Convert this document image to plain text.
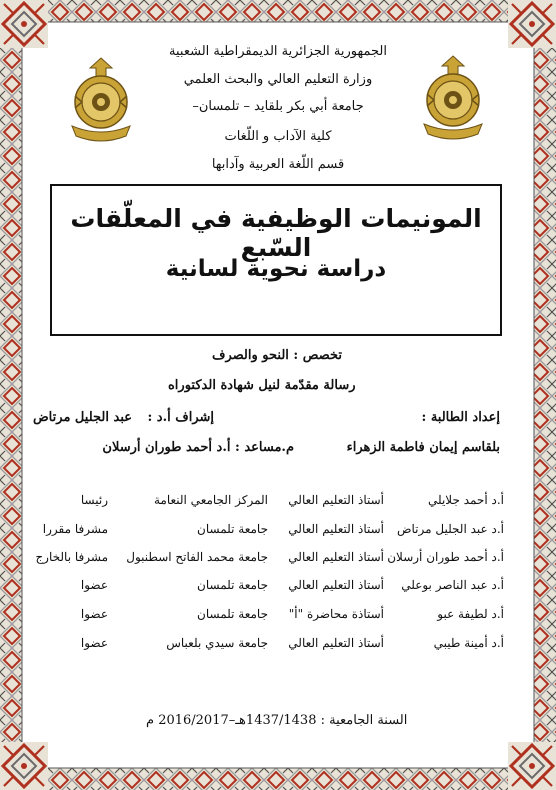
الجمهورية الجزائرية الديمقراطية الشعبية
وزارة التعليم العالي والبحث العلمي
جامعة أبي بكر بلقايد – تلمسان–
كلية الآداب و اللّغات
قسم اللّغة العربية وآدابها
المونيمات الوظيفية في المعلّقات السّبع
دراسة نحوية لسانية
تخصص : النحو والصرف
رسالة مقدّمة لنيل شهادة الدكتوراه
إعداد الطالبة :
إشراف أ.د :
عبد الجليل مرتاض
بلقاسم إيمان فاطمة الزهراء
م.مساعد : أ.د أحمد طوران أرسلان
أ.د أحمد جلايلي
أستاذ التعليم العالي
المركز الجامعي النعامة
رئيسا
أ.د عبد الجليل مرتاض
أستاذ التعليم العالي
جامعة تلمسان
مشرفا مقررا
أ.د أحمد طوران أرسلان
أستاذ التعليم العالي
جامعة محمد الفاتح اسطنبول
مشرفا بالخارج
أ.د عبد الناصر بوعلي
أستاذ التعليم العالي
جامعة تلمسان
عضوا
أ.د لطيفة عبو
أستاذة محاضرة "أ"
جامعة تلمسان
عضوا
أ.د أمينة طيبي
أستاذ التعليم العالي
جامعة سيدي بلعباس
عضوا
السنة الجامعية : 1437/1438هـ–2016/2017 م
